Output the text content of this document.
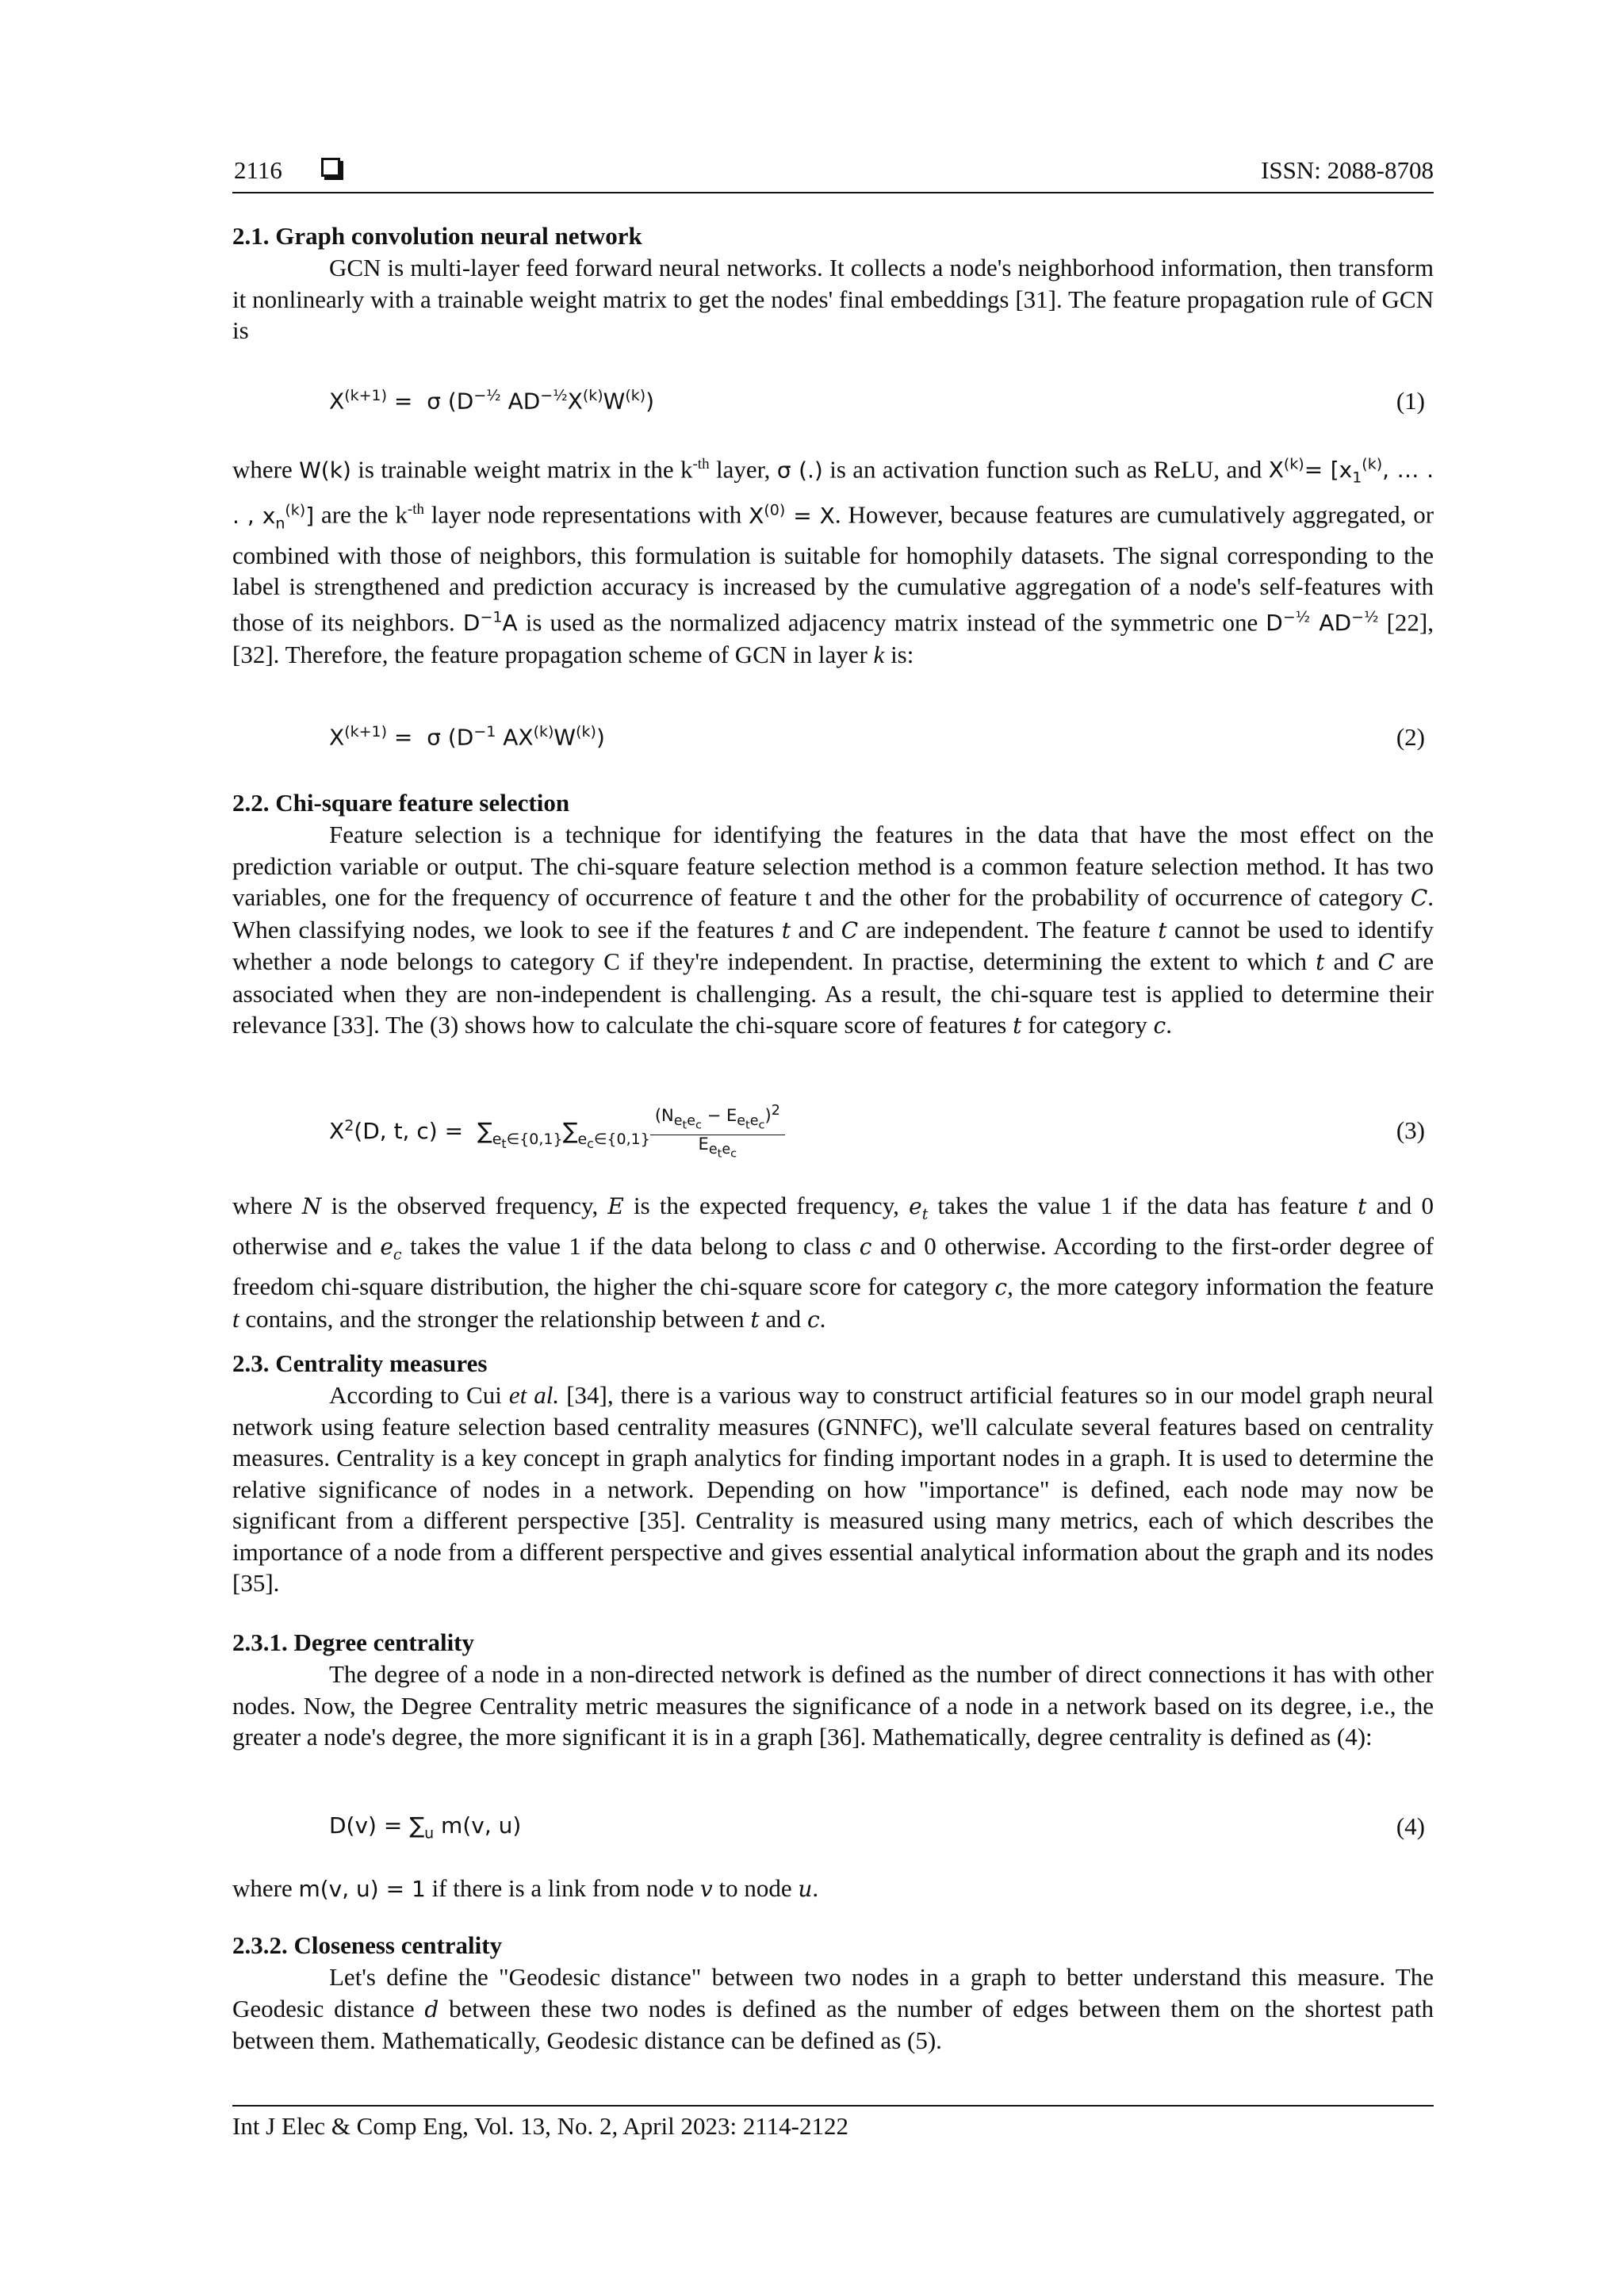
2116	ISSN: 2088-8708
2.1. Graph convolution neural network

GCN is multi-layer feed forward neural networks. It collects a node's neighborhood information, then transform it nonlinearly with a trainable weight matrix to get the nodes' final embeddings [31]. The feature propagation rule of GCN is

$X^{(k+1)} = \sigma$ ($D^{-\frac{1}{2}}$ $AD^{-\frac{1}{2}}X^{(k)}W^{(k)}$)	(1)

where W(k) is trainable weight matrix in the $k^{-th}$ layer, σ (.) is an activation function such as ReLU, and $X^{(k)}= [x_1^{(k)}$, … . . , $x_n^{(k)}$] are the $k^{-th}$ layer node representations with $X^{(0)} = X$. However, because features are cumulatively aggregated, or combined with those of neighbors, this formulation is suitable for homophily datasets. The signal corresponding to the label is strengthened and prediction accuracy is increased by the cumulative aggregation of a node's self-features with those of its neighbors. $D^{-1}A$ is used as the normalized adjacency matrix instead of the symmetric one $D^{-\frac{1}{2}}$ $AD^{-\frac{1}{2}}$ [22], [32]. Therefore, the feature propagation scheme of GCN in layer k is:

$X^{(k+1)} = \sigma$ ($D^{-1}$ $AX^{(k)}W^{(k)}$)	(2)
2.2. Chi-square feature selection

Feature selection is a technique for identifying the features in the data that have the most effect on the prediction variable or output. The chi-square feature selection method is a common feature selection method. It has two variables, one for the frequency of occurrence of feature t and the other for the probability of occurrence of category C. When classifying nodes, we look to see if the features t and C are independent. The feature t cannot be used to identify whether a node belongs to category C if they're independent. In practise, determining the extent to which t and C are associated when they are non-independent is challenging. As a result, the chi-square test is applied to determine their relevance [33]. The (3) shows how to calculate the chi-square score of features t for category c.

$X^2(D$, t, $c) = \sum_{e_t\in\{0,1\}}\sum_{e_c\in\{0,1\}} \frac{(N_{e_te_c} - E_{e_te_c})^2}{E_{e_te_c}}$	(3)

where N is the observed frequency, E is the expected frequency, $e_t$ takes the value 1 if the data has feature t and 0 otherwise and $e_c$ takes the value 1 if the data belong to class c and 0 otherwise. According to the first-order degree of freedom chi-square distribution, the higher the chi-square score for category c, the more category information the feature t contains, and the stronger the relationship between t and c.

2.3. Centrality measures

According to Cui et al. [34], there is a various way to construct artificial features so in our model graph neural network using feature selection based centrality measures (GNNFC), we'll calculate several features based on centrality measures. Centrality is a key concept in graph analytics for finding important nodes in a graph. It is used to determine the relative significance of nodes in a network. Depending on how "importance" is defined, each node may now be significant from a different perspective [35]. Centrality is measured using many metrics, each of which describes the importance of a node from a different perspective and gives essential analytical information about the graph and its nodes [35].

2.3.1. Degree centrality

The degree of a node in a non-directed network is defined as the number of direct connections it has with other nodes. Now, the Degree Centrality metric measures the significance of a node in a network based on its degree, i.e., the greater a node's degree, the more significant it is in a graph [36]. Mathematically, degree centrality is defined as (4):

$D(v) = \sum_u$ m(v, u)	(4)

where m(v, u) = 1 if there is a link from node v to node u.

2.3.2. Closeness centrality

Let's define the "Geodesic distance" between two nodes in a graph to better understand this measure. The Geodesic distance d between these two nodes is defined as the number of edges between them on the shortest path between them. Mathematically, Geodesic distance can be defined as (5).

Int J Elec & Comp Eng, Vol. 13, No. 2, April 2023: 2114-2122
